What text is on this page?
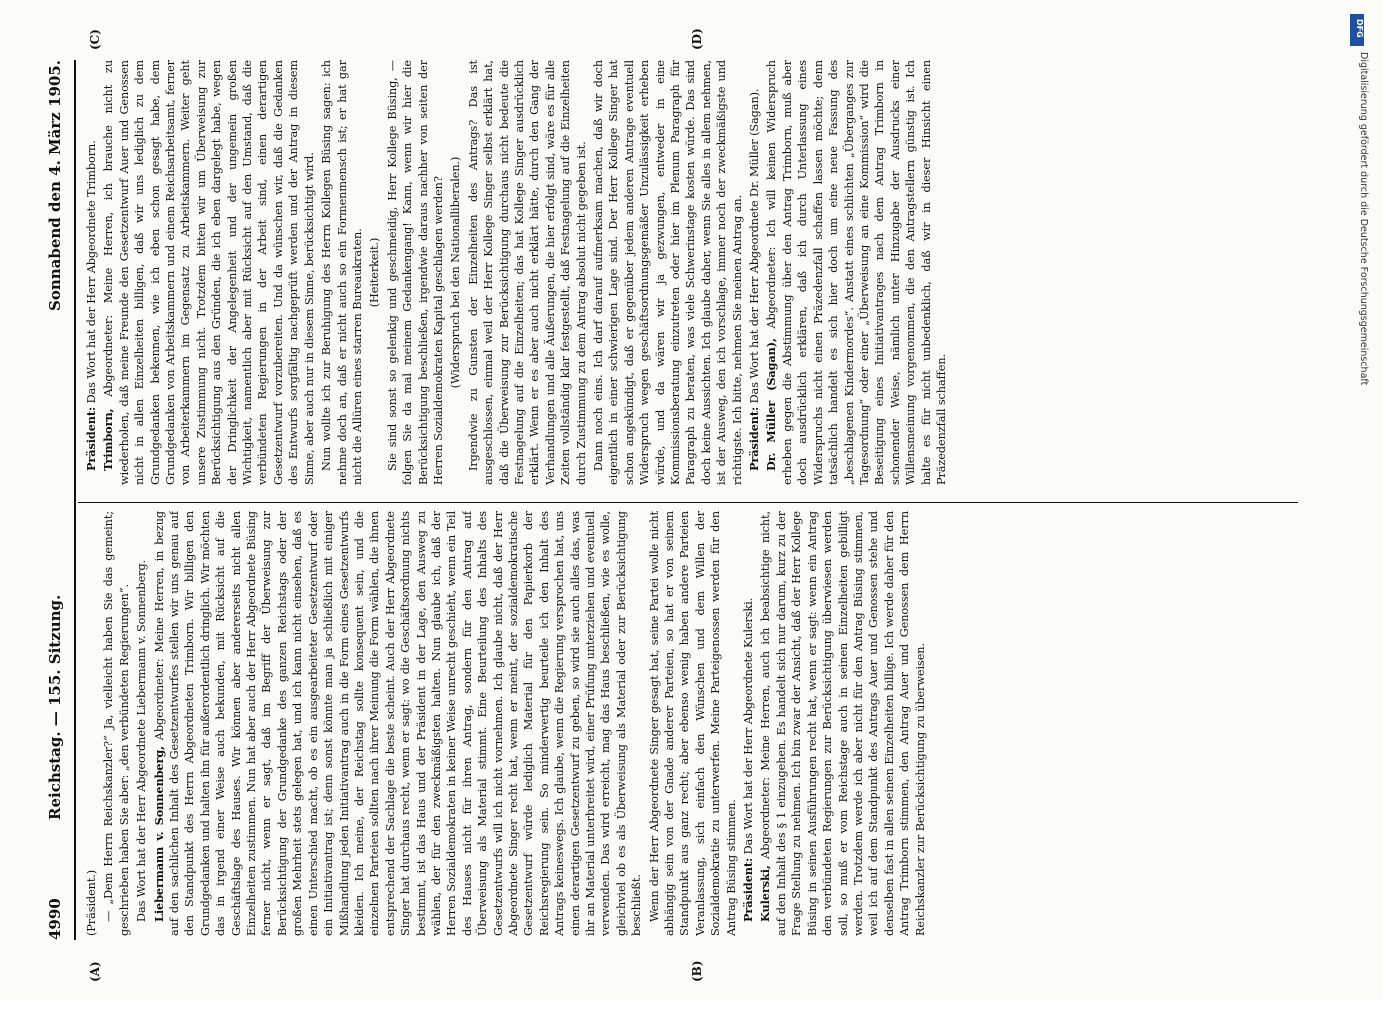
4990
Reichstag. — 155. Sitzung.
Sonnabend den 4. März 1905.
(A)	(B)
(C)	(D)

(Präsident.) — „Dem Herrn Reichskanzler?“ Ja, vielleicht haben Sie das gemeint; geschrieben haben Sie aber: „den verbündeten Regierungen“. Das Wort hat der Herr Abgeordnete Liebermann v. Sonnenberg. Liebermann v. Sonnenberg, Abgeordneter: Meine Herren, in bezug auf den sachlichen Inhalt des Gesetzentwurfes stellen wir uns genau auf den Standpunkt des Herrn Abgeordneten Trimborn. Wir billigen den Grundgedanken und halten ihn für außerordentlich dringlich. Wir möchten das in irgend einer Weise auch bekunden, mit Rücksicht auf die Geschäftslage des Hauses. Wir können aber andererseits nicht allen Einzelheiten zustimmen. Nun hat aber auch der Herr Abgeordnete Büsing ferner nicht, wenn er sagt, daß im Begriff der Überweisung zur Berücksichtigung der Grundgedanke des ganzen Reichstags oder der großen Mehrheit stets gelegen hat, und ich kann nicht einsehen, daß es einen Unterschied macht, ob es ein ausgearbeiteter Gesetzentwurf oder ein Initiativantrag ist; denn sonst könnte man ja schließlich mit einiger Mißhandlung jeden Initiativantrag auch in die Form eines Gesetzentwurfs kleiden. Ich meine, der Reichstag sollte konsequent sein, und die einzelnen Parteien sollten nach ihrer Meinung die Form wählen, die ihnen entsprechend der Sachlage die beste scheint. Auch der Herr Abgeordnete Singer hat durchaus recht, wenn er sagt: wo die Geschäftsordnung nichts bestimmt, ist das Haus und der Präsident in der Lage, den Ausweg zu wählen, der für den zweckmäßigsten halten. Nun glaube ich, daß der Herren Sozialdemokraten in keiner Weise unrecht geschieht, wenn ein Teil des Hauses nicht für ihren Antrag, sondern für den Antrag auf Überweisung als Material stimmt. Eine Beurteilung des Inhalts des Gesetzentwurfs will ich nicht vornehmen. Ich glaube nicht, daß der Herr Abgeordnete Singer recht hat, wenn er meint, der sozialdemokratische Gesetzentwurf würde lediglich Material für den Papierkorb der Reichsregierung sein. So minderwertig beurteile ich den Inhalt des Antrags keineswegs. Ich glaube, wenn die Regierung versprochen hat, uns einen derartigen Gesetzentwurf zu geben, so wird sie auch alles das, was ihr an Material unterbreitet wird, einer Prüfung unterziehen und eventuell verwenden. Das wird erreicht, mag das Haus beschließen, wie es wolle, gleichviel ob es als Überweisung als Material oder zur Berücksichtigung beschließt. Wenn der Herr Abgeordnete Singer gesagt hat, seine Partei wolle nicht abhängig sein von der Gnade anderer Parteien, so hat er von seinem Standpunkt aus ganz recht; aber ebenso wenig haben andere Parteien Veranlassung, sich einfach den Wünschen und dem Willen der Sozialdemokratie zu unterwerfen. Meine Parteigenossen werden für den Antrag Büsing stimmen. Präsident: Das Wort hat der Herr Abgeordnete Kulerski.

Kulerski, Abgeordneter: Meine Herren, auch ich beabsichtige nicht, auf den Inhalt des § 1 einzugehen. Es handelt sich nur darum, kurz zu der Frage Stellung zu nehmen. Ich bin zwar der Ansicht, daß der Herr Kollege Büsing in seinen Ausführungen recht hat, wenn er sagt: wenn ein Antrag den verbündeten Regierungen zur Berücksichtigung überwiesen werden soll, so muß er vom Reichstage auch in seinen Einzelheiten gebilligt werden. Trotzdem werde ich aber nicht für den Antrag Büsing stimmen, weil ich auf dem Standpunkt des Antrags Auer und Genossen stehe und denselben fast in allen seinen Einzelheiten billige. Ich werde daher für den Antrag Trimborn stimmen, den Antrag Auer und Genossen dem Herrn Reichskanzler zur Berücksichtigung zu überweisen.

Präsident: Das Wort hat der Herr Abgeordnete Trimborn.

Trimborn, Abgeordneter: Meine Herren, ich brauche nicht zu wiederholen, daß meine Freunde den Gesetzentwurf Auer und Genossen nicht in allen Einzelheiten billigen, daß wir uns lediglich zu dem Grundgedanken bekennen, wie ich eben schon gesagt habe, dem Grundgedanken von Arbeitskammern und einem Reichsarbeitsamt, ferner von Arbeiterkammern im Gegensatz zu Arbeitskammern. Weiter geht unsere Zustimmung nicht. Trotzdem bitten wir um Überweisung zur Berücksichtigung aus den Gründen, die ich eben dargelegt habe, wegen der Dringlichkeit der Angelegenheit und der ungemein großen Wichtigkeit, namentlich aber mit Rücksicht auf den Umstand, daß die verbündeten Regierungen in der Arbeit sind, einen derartigen Gesetzentwurf vorzubereiten. Und da wünschen wir, daß die Gedanken des Entwurfs sorgfältig nachgeprüft werden und der Antrag in diesem Sinne, aber auch nur in diesem Sinne, berücksichtigt wird. Nun wollte ich zur Beruhigung des Herrn Kollegen Büsing sagen: ich nehme doch an, daß er nicht auch so ein Formenmensch ist; er hat gar nicht die Allüren eines starren Bureaukraten. (Heiterkeit.) Sie sind sonst so gelenkig und geschmeidig, Herr Kollege Büsing, — folgen Sie da mal meinem Gedankengang! Kann, wenn wir hier die Berücksichtigung beschließen, irgendwie daraus nachher von seiten der Herren Sozialdemokraten Kapital geschlagen werden? (Widerspruch bei den Nationalliberalen.) Irgendwie zu Gunsten der Einzelheiten des Antrags? Das ist ausgeschlossen, einmal weil der Herr Kollege Singer selbst erklärt hat, daß die Überweisung zur Berücksichtigung durchaus nicht bedeute die Festnagelung auf die Einzelheiten; das hat Kollege Singer ausdrücklich erklärt. Wenn er es aber auch nicht erklärt hätte, durch den Gang der Verhandlungen und alle Äußerungen, die hier erfolgt sind, wäre es für alle Zeiten vollständig klar festgestellt, daß Festnagelung auf die Einzelheiten durch Zustimmung zu dem Antrag absolut nicht gegeben ist. Dann noch eins. Ich darf darauf aufmerksam machen, daß wir doch eigentlich in einer schwierigen Lage sind. Der Herr Kollege Singer hat schon angekündigt, daß er gegenüber jedem anderen Antrage eventuell Widerspruch wegen geschäftsordnungsgemäßer Unzulässigkeit erheben würde, und da wären wir ja gezwungen, entweder in eine Kommissionsberatung einzutreten oder hier im Plenum Paragraph für Paragraph zu beraten, was viele Schwerinstage kosten würde. Das sind doch keine Aussichten. Ich glaube daher, wenn Sie alles in allem nehmen, ist der Ausweg, den ich vorschlage, immer noch der zweckmäßigste und richtigste. Ich bitte, nehmen Sie meinen Antrag an. Präsident: Das Wort hat der Herr Abgeordnete Dr. Müller (Sagan). Dr. Müller (Sagan), Abgeordneter: Ich will keinen Widerspruch erheben gegen die Abstimmung über den Antrag Trimborn, muß aber doch ausdrücklich erklären, daß ich durch Unterlassung eines Widerspruchs nicht einen Präzedenzfall schaffen lassen möchte; denn tatsächlich handelt es sich hier doch um eine neue Fassung des „beschlagenen Kindermordes“. Anstatt eines schlichten „Überganges zur Tagesordnung“ oder einer „Überweisung an eine Kommission“ wird die Beseitigung eines Initiativantrages nach dem Antrag Trimborn in schonender Weise, nämlich unter Hinzugabe der Ausdrucks einer Willensmeinung vorgenommen, die den Antragstellern günstig ist. Ich halte es für nicht unbedenklich, daß wir in dieser Hinsicht einen Präzedenzfall schaffen.

DFG
Digitalisierung gefördert durch die Deutsche Forschungsgemeinschaft
